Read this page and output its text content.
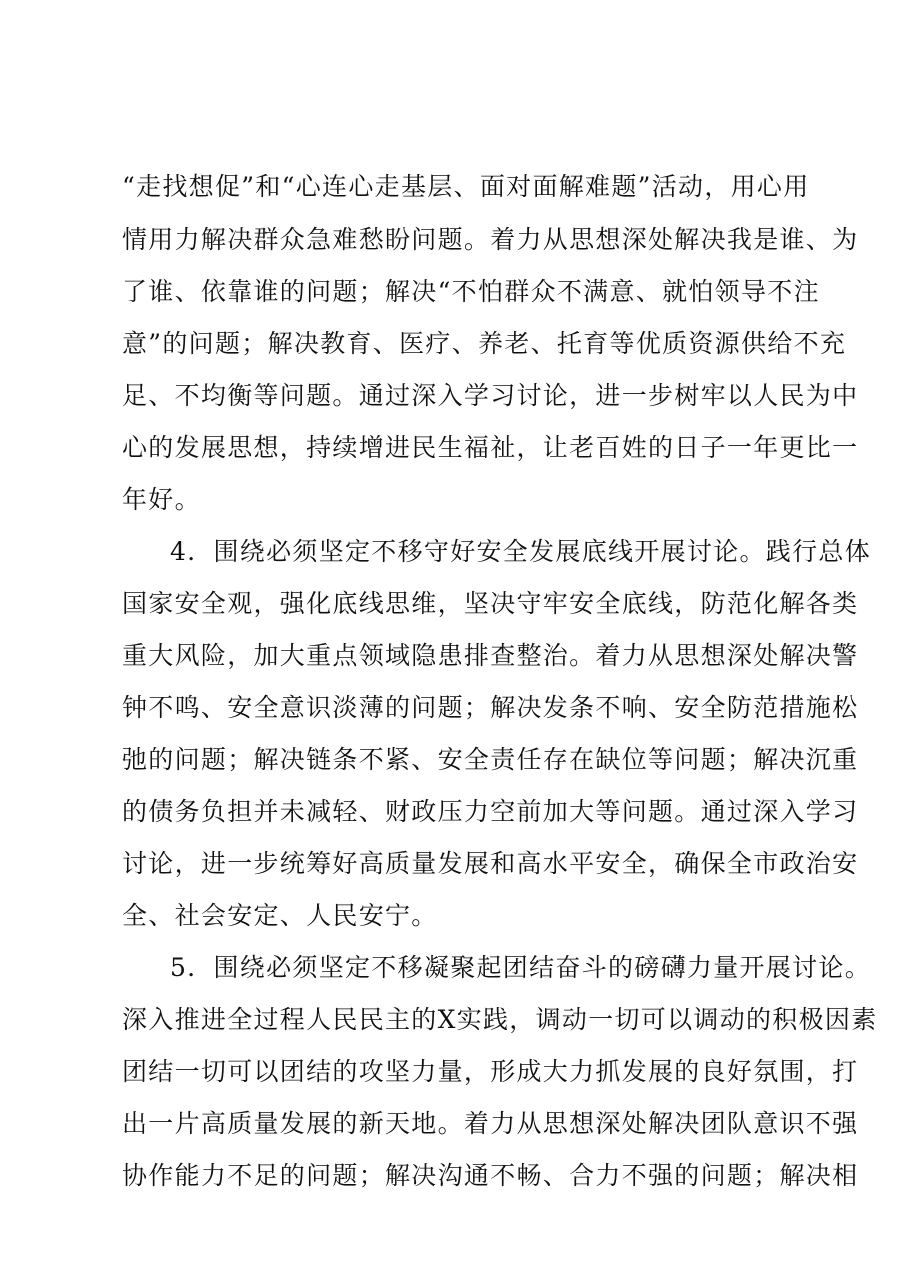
“走找想促”和“心连心走基层、面对面解难题”活动，用心用
情用力解决群众急难愁盼问题。着力从思想深处解决我是谁、为
了谁、依靠谁的问题；解决“不怕群众不满意、就怕领导不注
意”的问题；解决教育、医疗、养老、托育等优质资源供给不充
足、不均衡等问题。通过深入学习讨论，进一步树牢以人民为中
心的发展思想，持续增进民生福祉，让老百姓的日子一年更比一
年好。
4．围绕必须坚定不移守好安全发展底线开展讨论。践行总体
国家安全观，强化底线思维，坚决守牢安全底线，防范化解各类
重大风险，加大重点领域隐患排查整治。着力从思想深处解决警
钟不鸣、安全意识淡薄的问题；解决发条不响、安全防范措施松
弛的问题；解决链条不紧、安全责任存在缺位等问题；解决沉重
的债务负担并未减轻、财政压力空前加大等问题。通过深入学习
讨论，进一步统筹好高质量发展和高水平安全，确保全市政治安
全、社会安定、人民安宁。
5．围绕必须坚定不移凝聚起团结奋斗的磅礴力量开展讨论。
深入推进全过程人民民主的X实践，调动一切可以调动的积极因素
团结一切可以团结的攻坚力量，形成大力抓发展的良好氛围，打
出一片高质量发展的新天地。着力从思想深处解决团队意识不强
协作能力不足的问题；解决沟通不畅、合力不强的问题；解决相
